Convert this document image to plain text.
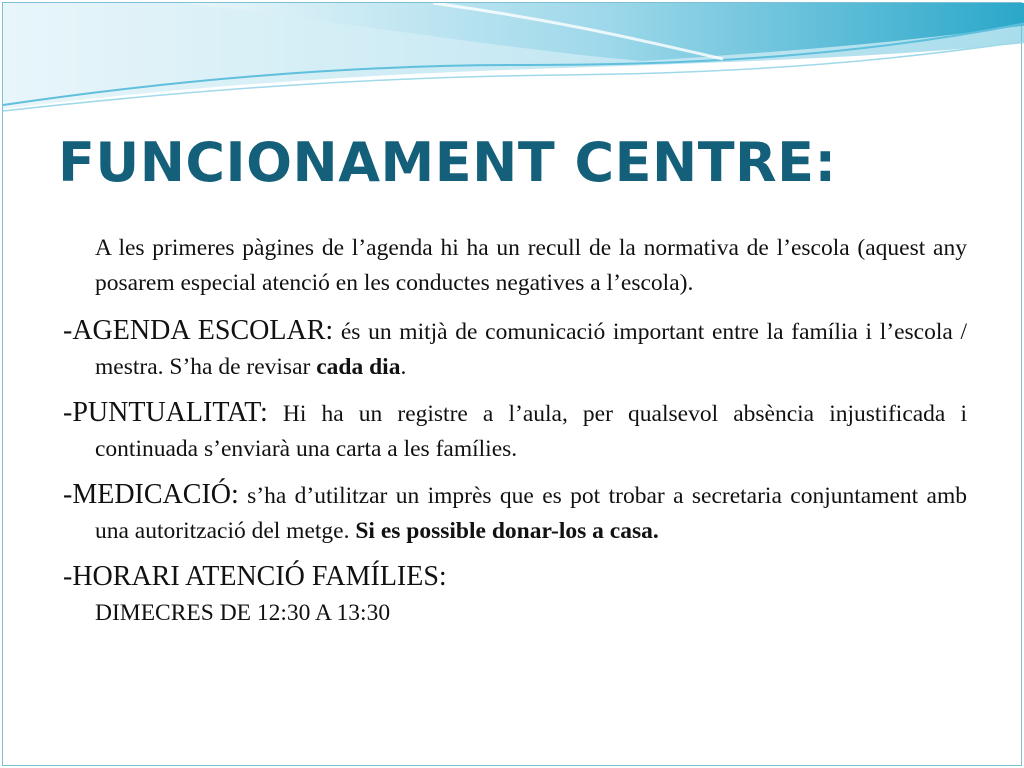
FUNCIONAMENT CENTRE:
A les primeres pàgines de l’agenda hi ha un recull de la normativa de l’escola (aquest any posarem especial atenció en les conductes negatives a l’escola).
-AGENDA ESCOLAR: és un mitjà de comunicació important entre la família i l’escola / mestra. S’ha de revisar cada dia.
-PUNTUALITAT: Hi ha un registre a l’aula, per qualsevol absència injustificada i continuada s’enviarà una carta a les famílies.
-MEDICACIÓ: s’ha d’utilitzar un imprès que es pot trobar a secretaria conjuntament amb una autorització del metge. Si es possible donar-los a casa.
-HORARI ATENCIÓ FAMÍLIES:
DIMECRES DE 12:30 A 13:30
